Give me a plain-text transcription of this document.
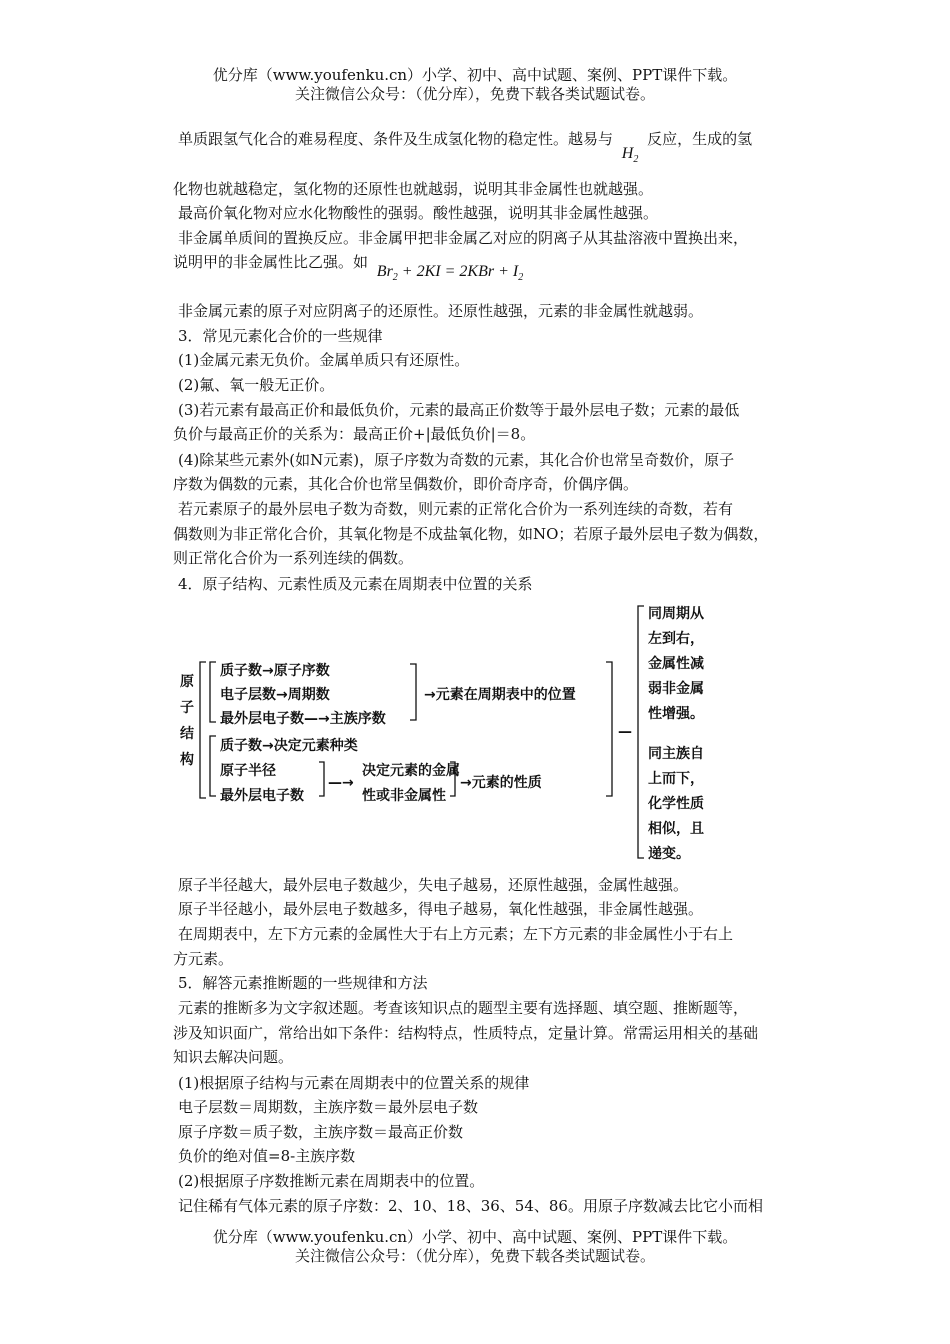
优分库（www.youfenku.cn）小学、初中、高中试题、案例、PPT课件下载。
关注微信公众号：（优分库），免费下载各类试题试卷。
单质跟氢气化合的难易程度、条件及生成氢化物的稳定性。越易与 $H_2$ 反应，生成的氢
化物也就越稳定，氢化物的还原性也就越弱，说明其非金属性也就越强。
最高价氧化物对应水化物酸性的强弱。酸性越强，说明其非金属性越强。
非金属单质间的置换反应。非金属甲把非金属乙对应的阴离子从其盐溶液中置换出来，
说明甲的非金属性比乙强。如 $Br_2 + 2KI = 2KBr + I_2$
非金属元素的原子对应阴离子的还原性。还原性越强，元素的非金属性就越弱。
3．常见元素化合价的一些规律
(1)金属元素无负价。金属单质只有还原性。
(2)氟、氧一般无正价。
(3)若元素有最高正价和最低负价，元素的最高正价数等于最外层电子数；元素的最低
负价与最高正价的关系为：最高正价+|最低负价|＝8。
(4)除某些元素外(如N元素)，原子序数为奇数的元素，其化合价也常呈奇数价，原子
序数为偶数的元素，其化合价也常呈偶数价，即价奇序奇，价偶序偶。
若元素原子的最外层电子数为奇数，则元素的正常化合价为一系列连续的奇数，若有
偶数则为非正常化合价，其氧化物是不成盐氧化物，如NO；若原子最外层电子数为偶数，
则正常化合价为一系列连续的偶数。
4．原子结构、元素性质及元素在周期表中位置的关系
原
子
结
构
质子数→原子序数
电子层数→周期数
最外层电子数—→主族序数
→元素在周期表中的位置
质子数→决定元素种类
原子半径
最外层电子数
—→
决定元素的金属
性或非金属性
→元素的性质
—
同周期从
左到右，
金属性减
弱非金属
性增强。
同主族自
上而下，
化学性质
相似，且
递变。
原子半径越大，最外层电子数越少，失电子越易，还原性越强，金属性越强。
原子半径越小，最外层电子数越多，得电子越易，氧化性越强，非金属性越强。
在周期表中，左下方元素的金属性大于右上方元素；左下方元素的非金属性小于右上
方元素。
5．解答元素推断题的一些规律和方法
元素的推断多为文字叙述题。考查该知识点的题型主要有选择题、填空题、推断题等，
涉及知识面广，常给出如下条件：结构特点，性质特点，定量计算。常需运用相关的基础
知识去解决问题。
(1)根据原子结构与元素在周期表中的位置关系的规律
电子层数＝周期数，主族序数＝最外层电子数
原子序数＝质子数，主族序数＝最高正价数
负价的绝对值=8-主族序数
(2)根据原子序数推断元素在周期表中的位置。
记住稀有气体元素的原子序数：2、10、18、36、54、86。用原子序数减去比它小而相
优分库（www.youfenku.cn）小学、初中、高中试题、案例、PPT课件下载。
关注微信公众号：（优分库），免费下载各类试题试卷。
